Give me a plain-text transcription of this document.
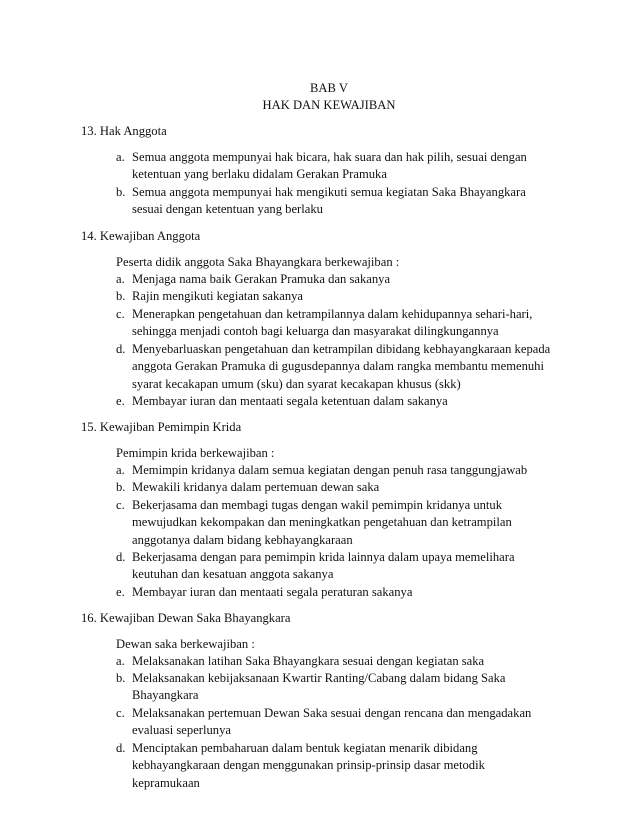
BAB V
HAK DAN KEWAJIBAN
13. Hak Anggota
a. Semua anggota mempunyai hak bicara, hak suara dan hak pilih, sesuai dengan ketentuan yang berlaku didalam Gerakan Pramuka
b. Semua anggota mempunyai hak mengikuti semua kegiatan Saka Bhayangkara sesuai dengan ketentuan yang berlaku
14. Kewajiban Anggota
Peserta didik anggota Saka Bhayangkara berkewajiban :
a. Menjaga nama baik Gerakan Pramuka dan sakanya
b. Rajin mengikuti kegiatan sakanya
c. Menerapkan pengetahuan dan ketrampilannya dalam kehidupannya sehari-hari, sehingga menjadi contoh bagi keluarga dan masyarakat dilingkungannya
d. Menyebarluaskan pengetahuan dan ketrampilan dibidang kebhayangkaraan kepada anggota Gerakan Pramuka di gugusdepannya dalam rangka membantu memenuhi syarat kecakapan umum (sku) dan syarat kecakapan khusus (skk)
e. Membayar iuran dan mentaati segala ketentuan dalam sakanya
15. Kewajiban Pemimpin Krida
Pemimpin krida berkewajiban :
a. Memimpin kridanya dalam semua kegiatan dengan penuh rasa tanggungjawab
b. Mewakili kridanya dalam pertemuan dewan saka
c. Bekerjasama dan membagi tugas dengan wakil pemimpin kridanya untuk mewujudkan kekompakan dan meningkatkan pengetahuan dan ketrampilan anggotanya dalam bidang kebhayangkaraan
d. Bekerjasama dengan para pemimpin krida lainnya dalam upaya memelihara keutuhan dan kesatuan anggota sakanya
e. Membayar iuran dan mentaati segala peraturan sakanya
16. Kewajiban Dewan Saka Bhayangkara
Dewan saka berkewajiban :
a. Melaksanakan latihan Saka Bhayangkara sesuai dengan kegiatan saka
b. Melaksanakan kebijaksanaan Kwartir Ranting/Cabang dalam bidang Saka Bhayangkara
c. Melaksanakan pertemuan Dewan Saka sesuai dengan rencana dan mengadakan evaluasi seperlunya
d. Menciptakan pembaharuan dalam bentuk kegiatan menarik dibidang kebhayangkaraan dengan menggunakan prinsip-prinsip dasar metodik kepramukaan
